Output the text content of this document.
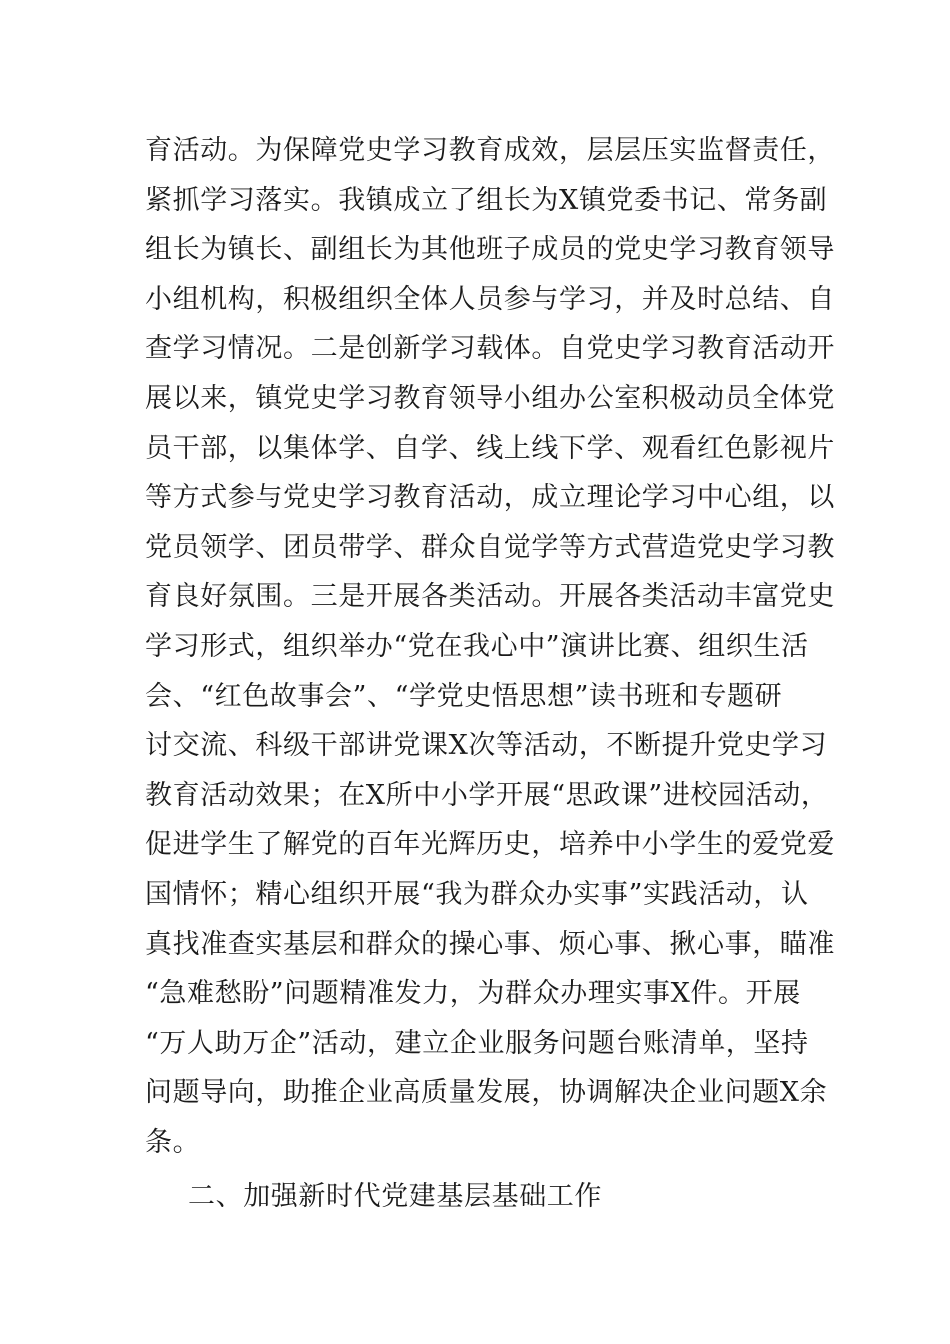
育活动。为保障党史学习教育成效，层层压实监督责任，
紧抓学习落实。我镇成立了组长为X镇党委书记、常务副
组长为镇长、副组长为其他班子成员的党史学习教育领导
小组机构，积极组织全体人员参与学习，并及时总结、自
查学习情况。二是创新学习载体。自党史学习教育活动开
展以来，镇党史学习教育领导小组办公室积极动员全体党
员干部，以集体学、自学、线上线下学、观看红色影视片
等方式参与党史学习教育活动，成立理论学习中心组，以
党员领学、团员带学、群众自觉学等方式营造党史学习教
育良好氛围。三是开展各类活动。开展各类活动丰富党史
学习形式，组织举办“党在我心中”演讲比赛、组织生活
会、“红色故事会”、“学党史悟思想”读书班和专题研
讨交流、科级干部讲党课X次等活动，不断提升党史学习
教育活动效果；在X所中小学开展“思政课”进校园活动，
促进学生了解党的百年光辉历史，培养中小学生的爱党爱
国情怀；精心组织开展“我为群众办实事”实践活动，认
真找准查实基层和群众的操心事、烦心事、揪心事，瞄准
“急难愁盼”问题精准发力，为群众办理实事X件。开展
“万人助万企”活动，建立企业服务问题台账清单，坚持
问题导向，助推企业高质量发展，协调解决企业问题X余
条。
二、加强新时代党建基层基础工作
